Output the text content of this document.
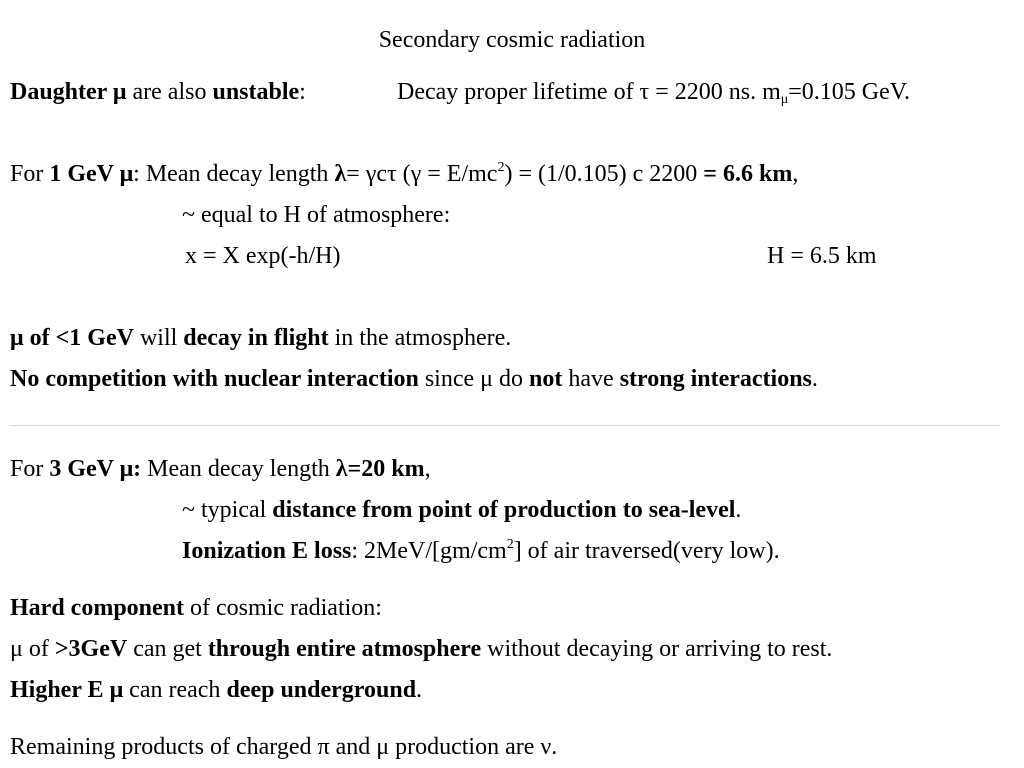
Secondary cosmic radiation
Daughter μ are also unstable:	Decay proper lifetime of τ = 2200 ns. $m_\mu=0.105$ GeV.
For 1 GeV μ: Mean decay length λ= γcτ $(\gamma = E/mc^2) = (1/0.105)$ c 2200 = 6.6 km,
~ equal to H of atmosphere:
x = X exp(-h/H)	H = 6.5 km
μ of <1 GeV will decay in flight in the atmosphere.
No competition with nuclear interaction since μ do not have strong interactions.
For 3 GeV μ: Mean decay length λ=20 km,
~ typical distance from point of production to sea-level.
Ionization E loss: $2MeV/[gm/cm^2]$ of air traversed(very low).
Hard component of cosmic radiation:
μ of >3GeV can get through entire atmosphere without decaying or arriving to rest.
Higher E μ can reach deep underground.
Remaining products of charged π and μ production are ν.
